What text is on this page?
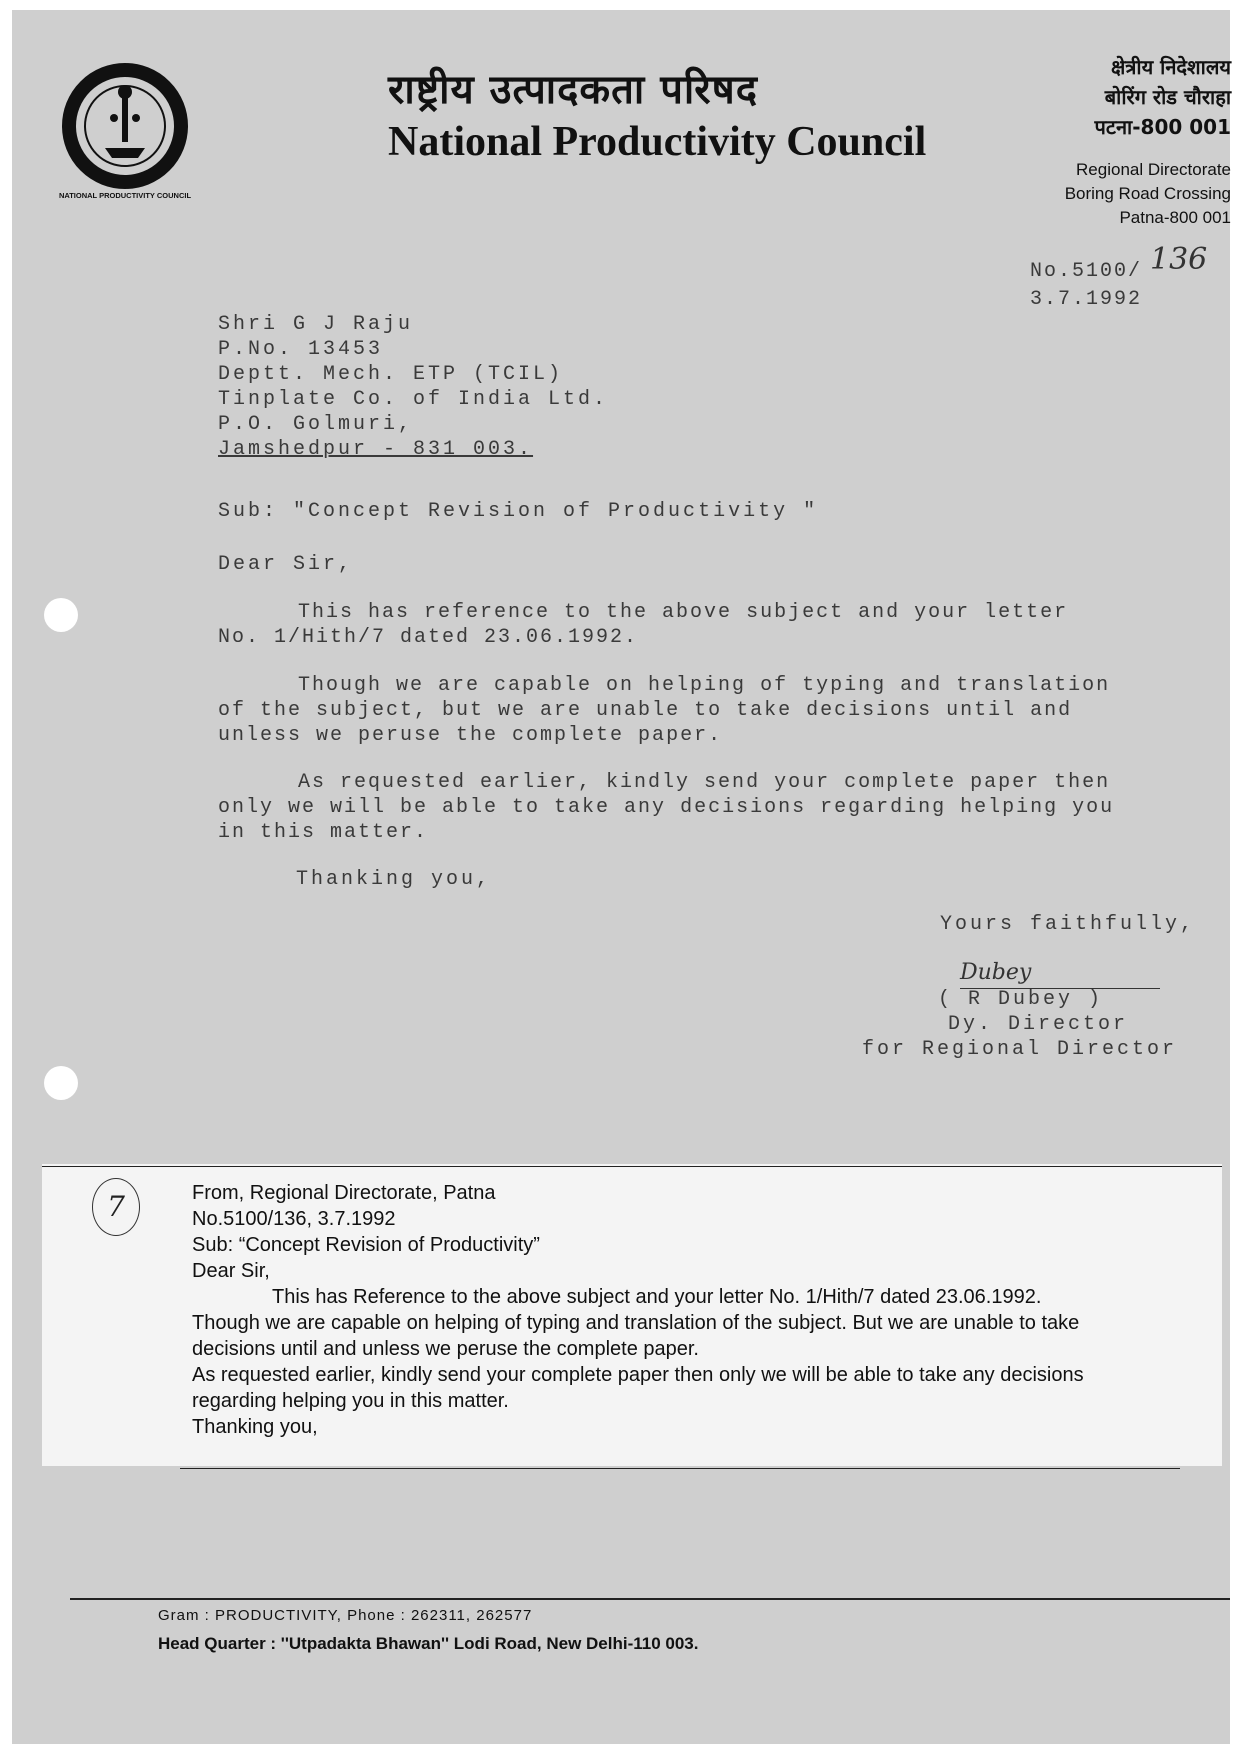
NATIONAL PRODUCTIVITY COUNCIL
राष्ट्रीय उत्पादकता परिषद
National Productivity Council
क्षेत्रीय निदेशालय
बोरिंग रोड चौराहा
पटना-800 001
Regional Directorate
Boring Road Crossing
Patna-800 001
No.5100/
3.7.1992
136
Shri G J Raju
P.No. 13453
Deptt. Mech. ETP (TCIL)
Tinplate Co. of India Ltd.
P.O. Golmuri,
Jamshedpur - 831 003.
Sub: "Concept Revision of Productivity "
Dear Sir,
This has reference to the above subject and your letter No. 1/Hith/7 dated 23.06.1992.
Though we are capable on helping of typing and translation of the subject, but we are unable to take decisions until and unless we peruse the complete paper.
As requested earlier, kindly send your complete paper then only we will be able to take any decisions regarding helping you in this matter.
Thanking you,
Yours faithfully,
Dubey
( R Dubey )
Dy. Director
for Regional Director
7	From, Regional Directorate, Patna
No.5100/136, 3.7.1992
Sub: “Concept Revision of Productivity”
Dear Sir,
This has Reference to the above subject and your letter No. 1/Hith/7 dated 23.06.1992.
Though we are capable on helping of typing and translation of the subject. But we are unable to take decisions until and unless we peruse the complete paper.
As requested earlier, kindly send your complete paper then only we will be able to take any decisions regarding helping you in this matter.
Thanking you,
Gram : PRODUCTIVITY, Phone : 262311, 262577
Head Quarter : ''Utpadakta Bhawan'' Lodi Road, New Delhi-110 003.
